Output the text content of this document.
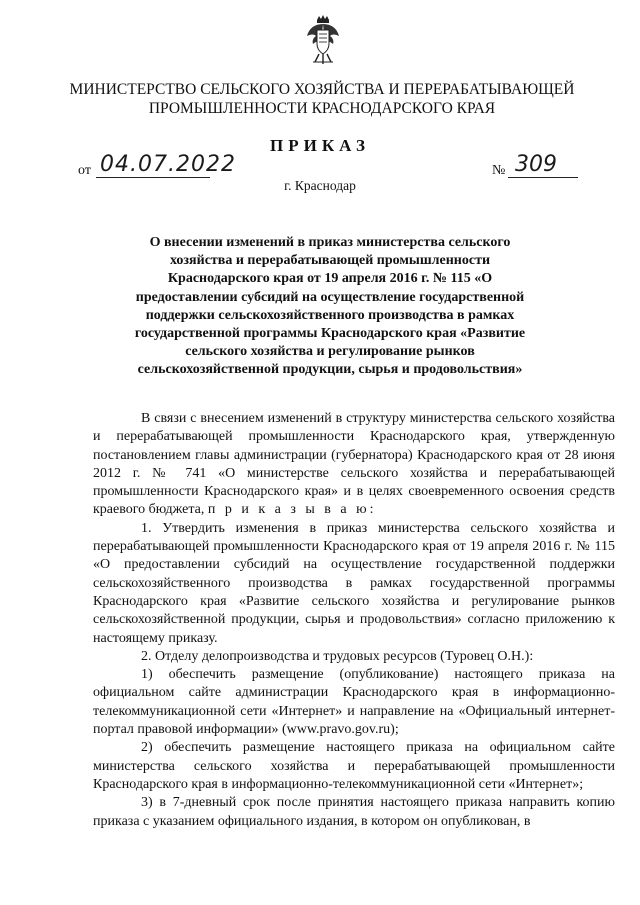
МИНИСТЕРСТВО СЕЛЬСКОГО ХОЗЯЙСТВА И ПЕРЕРАБАТЫВАЮЩЕЙ
ПРОМЫШЛЕННОСТИ КРАСНОДАРСКОГО КРАЯ
ПРИКАЗ
от 04.07.2022	№ 309
г. Краснодар
О внесении изменений в приказ министерства сельского хозяйства и перерабатывающей промышленности Краснодарского края от 19 апреля 2016 г. № 115 «О предоставлении субсидий на осуществление государственной поддержки сельскохозяйственного производства в рамках государственной программы Краснодарского края «Развитие сельского хозяйства и регулирование рынков сельскохозяйственной продукции, сырья и продовольствия»

В связи с внесением изменений в структуру министерства сельского хозяйства и перерабатывающей промышленности Краснодарского края, утвержденную постановлением главы администрации (губернатора) Краснодарского края от 28 июня 2012 г. № 741 «О министерстве сельского хозяйства и перерабатывающей промышленности Краснодарского края» и в целях своевременного освоения средств краевого бюджета, п р и к а з ы в а ю:

1. Утвердить изменения в приказ министерства сельского хозяйства и перерабатывающей промышленности Краснодарского края от 19 апреля 2016 г. № 115 «О предоставлении субсидий на осуществление государственной поддержки сельскохозяйственного производства в рамках государственной программы Краснодарского края «Развитие сельского хозяйства и регулирование рынков сельскохозяйственной продукции, сырья и продовольствия» согласно приложению к настоящему приказу.

2. Отделу делопроизводства и трудовых ресурсов (Туровец О.Н.):

1) обеспечить размещение (опубликование) настоящего приказа на официальном сайте администрации Краснодарского края в информационно-телекоммуникационной сети «Интернет» и направление на «Официальный интернет-портал правовой информации» (www.pravo.gov.ru);

2) обеспечить размещение настоящего приказа на официальном сайте министерства сельского хозяйства и перерабатывающей промышленности Краснодарского края в информационно-телекоммуникационной сети «Интернет»;

3) в 7-дневный срок после принятия настоящего приказа направить копию приказа с указанием официального издания, в котором он опубликован, в
